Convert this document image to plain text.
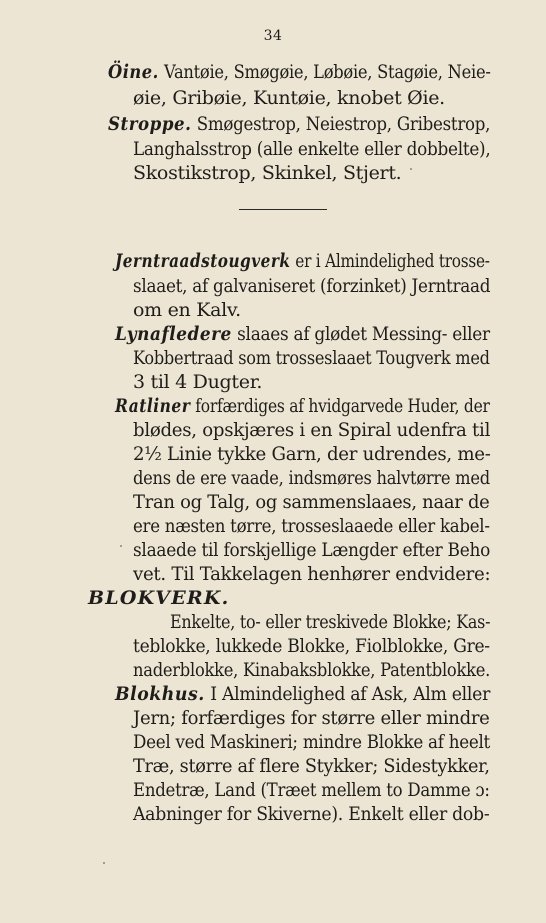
34
Öine. Vantøie, Smøgøie, Løbøie, Stagøie, Neie-
øie, Gribøie, Kuntøie, knobet Øie.
Stroppe. Smøgestrop, Neiestrop, Gribestrop,
Langhalsstrop (alle enkelte eller dobbelte),
Skostikstrop, Skinkel, Stjert.
Jerntraadstougverk er i Almindelighed trosse-
slaaet, af galvaniseret (forzinket) Jerntraad
om en Kalv.
Lynafledere slaaes af glødet Messing- eller
Kobbertraad som trosseslaaet Tougverk med
3 til 4 Dugter.
Ratliner forfærdiges af hvidgarvede Huder, der
blødes, opskjæres i en Spiral udenfra til
2½ Linie tykke Garn, der udrendes, me-
dens de ere vaade, indsmøres halvtørre med
Tran og Talg, og sammenslaaes, naar de
ere næsten tørre, trosseslaaede eller kabel-
slaaede til forskjellige Længder efter Beho
vet. Til Takkelagen henhører endvidere:
BLOKVERK.
Enkelte, to- eller treskivede Blokke; Kas-
teblokke, lukkede Blokke, Fiolblokke, Gre-
naderblokke, Kinabaksblokke, Patentblokke.
Blokhus. I Almindelighed af Ask, Alm eller
Jern; forfærdiges for større eller mindre
Deel ved Maskineri; mindre Blokke af heelt
Træ, større af flere Stykker; Sidestykker,
Endetræ, Land (Træet mellem to Damme ɔ:
Aabninger for Skiverne). Enkelt eller dob-
